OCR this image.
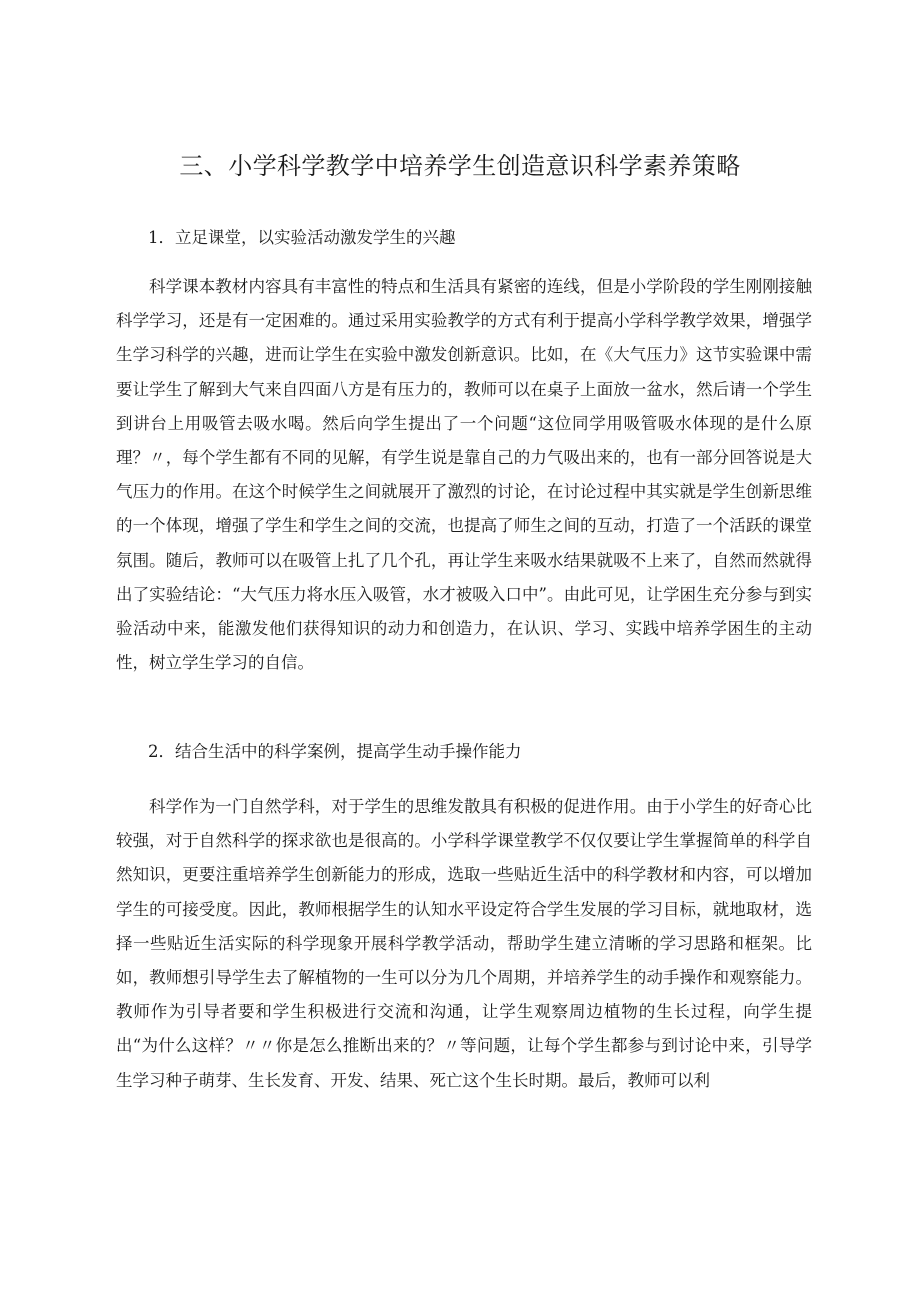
三、小学科学教学中培养学生创造意识科学素养策略
1．立足课堂，以实验活动激发学生的兴趣

科学课本教材内容具有丰富性的特点和生活具有紧密的连线，但是小学阶段的学生刚刚接触科学学习，还是有一定困难的。通过采用实验教学的方式有利于提高小学科学教学效果，增强学生学习科学的兴趣，进而让学生在实验中激发创新意识。比如，在《大气压力》这节实验课中需要让学生了解到大气来自四面八方是有压力的，教师可以在桌子上面放一盆水，然后请一个学生到讲台上用吸管去吸水喝。然后向学生提出了一个问题“这位同学用吸管吸水体现的是什么原理？〃，每个学生都有不同的见解，有学生说是靠自己的力气吸出来的，也有一部分回答说是大气压力的作用。在这个时候学生之间就展开了激烈的讨论，在讨论过程中其实就是学生创新思维的一个体现，增强了学生和学生之间的交流，也提高了师生之间的互动，打造了一个活跃的课堂氛围。随后，教师可以在吸管上扎了几个孔，再让学生来吸水结果就吸不上来了，自然而然就得出了实验结论：“大气压力将水压入吸管，水才被吸入口中”。由此可见，让学困生充分参与到实验活动中来，能激发他们获得知识的动力和创造力，在认识、学习、实践中培养学困生的主动性，树立学生学习的自信。

2．结合生活中的科学案例，提高学生动手操作能力

科学作为一门自然学科，对于学生的思维发散具有积极的促进作用。由于小学生的好奇心比较强，对于自然科学的探求欲也是很高的。小学科学课堂教学不仅仅要让学生掌握简单的科学自然知识，更要注重培养学生创新能力的形成，选取一些贴近生活中的科学教材和内容，可以增加学生的可接受度。因此，教师根据学生的认知水平设定符合学生发展的学习目标，就地取材，选择一些贴近生活实际的科学现象开展科学教学活动，帮助学生建立清晰的学习思路和框架。比如，教师想引导学生去了解植物的一生可以分为几个周期，并培养学生的动手操作和观察能力。教师作为引导者要和学生积极进行交流和沟通，让学生观察周边植物的生长过程，向学生提出“为什么这样？〃〃你是怎么推断出来的？〃等问题，让每个学生都参与到讨论中来，引导学生学习种子萌芽、生长发育、开发、结果、死亡这个生长时期。最后，教师可以利
